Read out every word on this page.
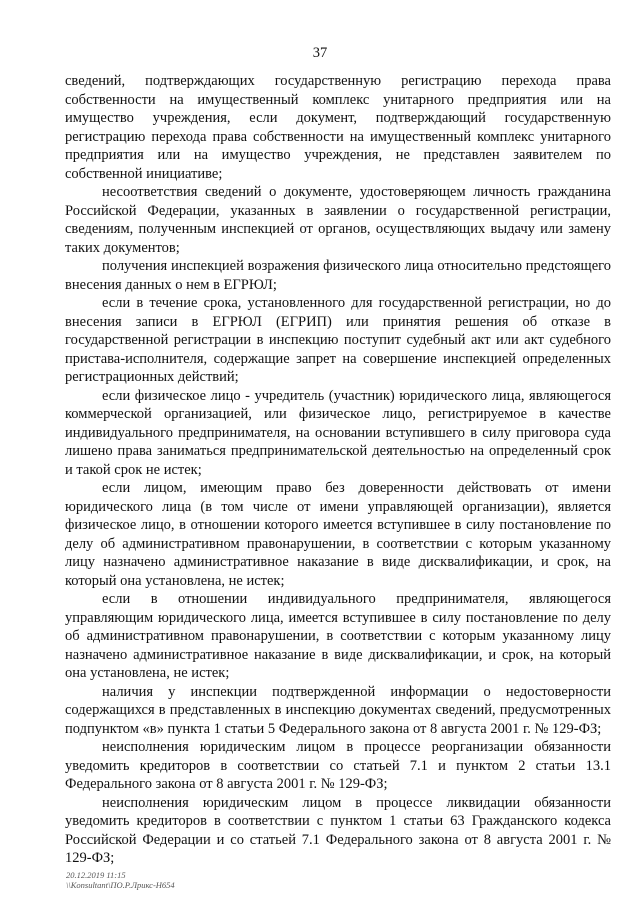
37

сведений, подтверждающих государственную регистрацию перехода права собственности на имущественный комплекс унитарного предприятия или на имущество учреждения, если документ, подтверждающий государственную регистрацию перехода права собственности на имущественный комплекс унитарного предприятия или на имущество учреждения, не представлен заявителем по собственной инициативе;

несоответствия сведений о документе, удостоверяющем личность гражданина Российской Федерации, указанных в заявлении о государственной регистрации, сведениям, полученным инспекцией от органов, осуществляющих выдачу или замену таких документов;

получения инспекцией возражения физического лица относительно предстоящего внесения данных о нем в ЕГРЮЛ;

если в течение срока, установленного для государственной регистрации, но до внесения записи в ЕГРЮЛ (ЕГРИП) или принятия решения об отказе в государственной регистрации в инспекцию поступит судебный акт или акт судебного пристава-исполнителя, содержащие запрет на совершение инспекцией определенных регистрационных действий;

если физическое лицо - учредитель (участник) юридического лица, являющегося коммерческой организацией, или физическое лицо, регистрируемое в качестве индивидуального предпринимателя, на основании вступившего в силу приговора суда лишено права заниматься предпринимательской деятельностью на определенный срок и такой срок не истек;

если лицом, имеющим право без доверенности действовать от имени юридического лица (в том числе от имени управляющей организации), является физическое лицо, в отношении которого имеется вступившее в силу постановление по делу об административном правонарушении, в соответствии с которым указанному лицу назначено административное наказание в виде дисквалификации, и срок, на который она установлена, не истек;

если в отношении индивидуального предпринимателя, являющегося управляющим юридического лица, имеется вступившее в силу постановление по делу об административном правонарушении, в соответствии с которым указанному лицу назначено административное наказание в виде дисквалификации, и срок, на который она установлена, не истек;

наличия у инспекции подтвержденной информации о недостоверности содержащихся в представленных в инспекцию документах сведений, предусмотренных подпунктом «в» пункта 1 статьи 5 Федерального закона от 8 августа 2001 г. № 129-ФЗ;

неисполнения юридическим лицом в процессе реорганизации обязанности уведомить кредиторов в соответствии со статьей 7.1 и пунктом 2 статьи 13.1 Федерального закона от 8 августа 2001 г. № 129-ФЗ;

неисполнения юридическим лицом в процессе ликвидации обязанности уведомить кредиторов в соответствии с пунктом 1 статьи 63 Гражданского кодекса Российской Федерации и со статьей 7.1 Федерального закона от 8 августа 2001 г. № 129-ФЗ;

20.12.2019 11:15
\\Konsultant\ПО.Р.Лрикс-Н654
